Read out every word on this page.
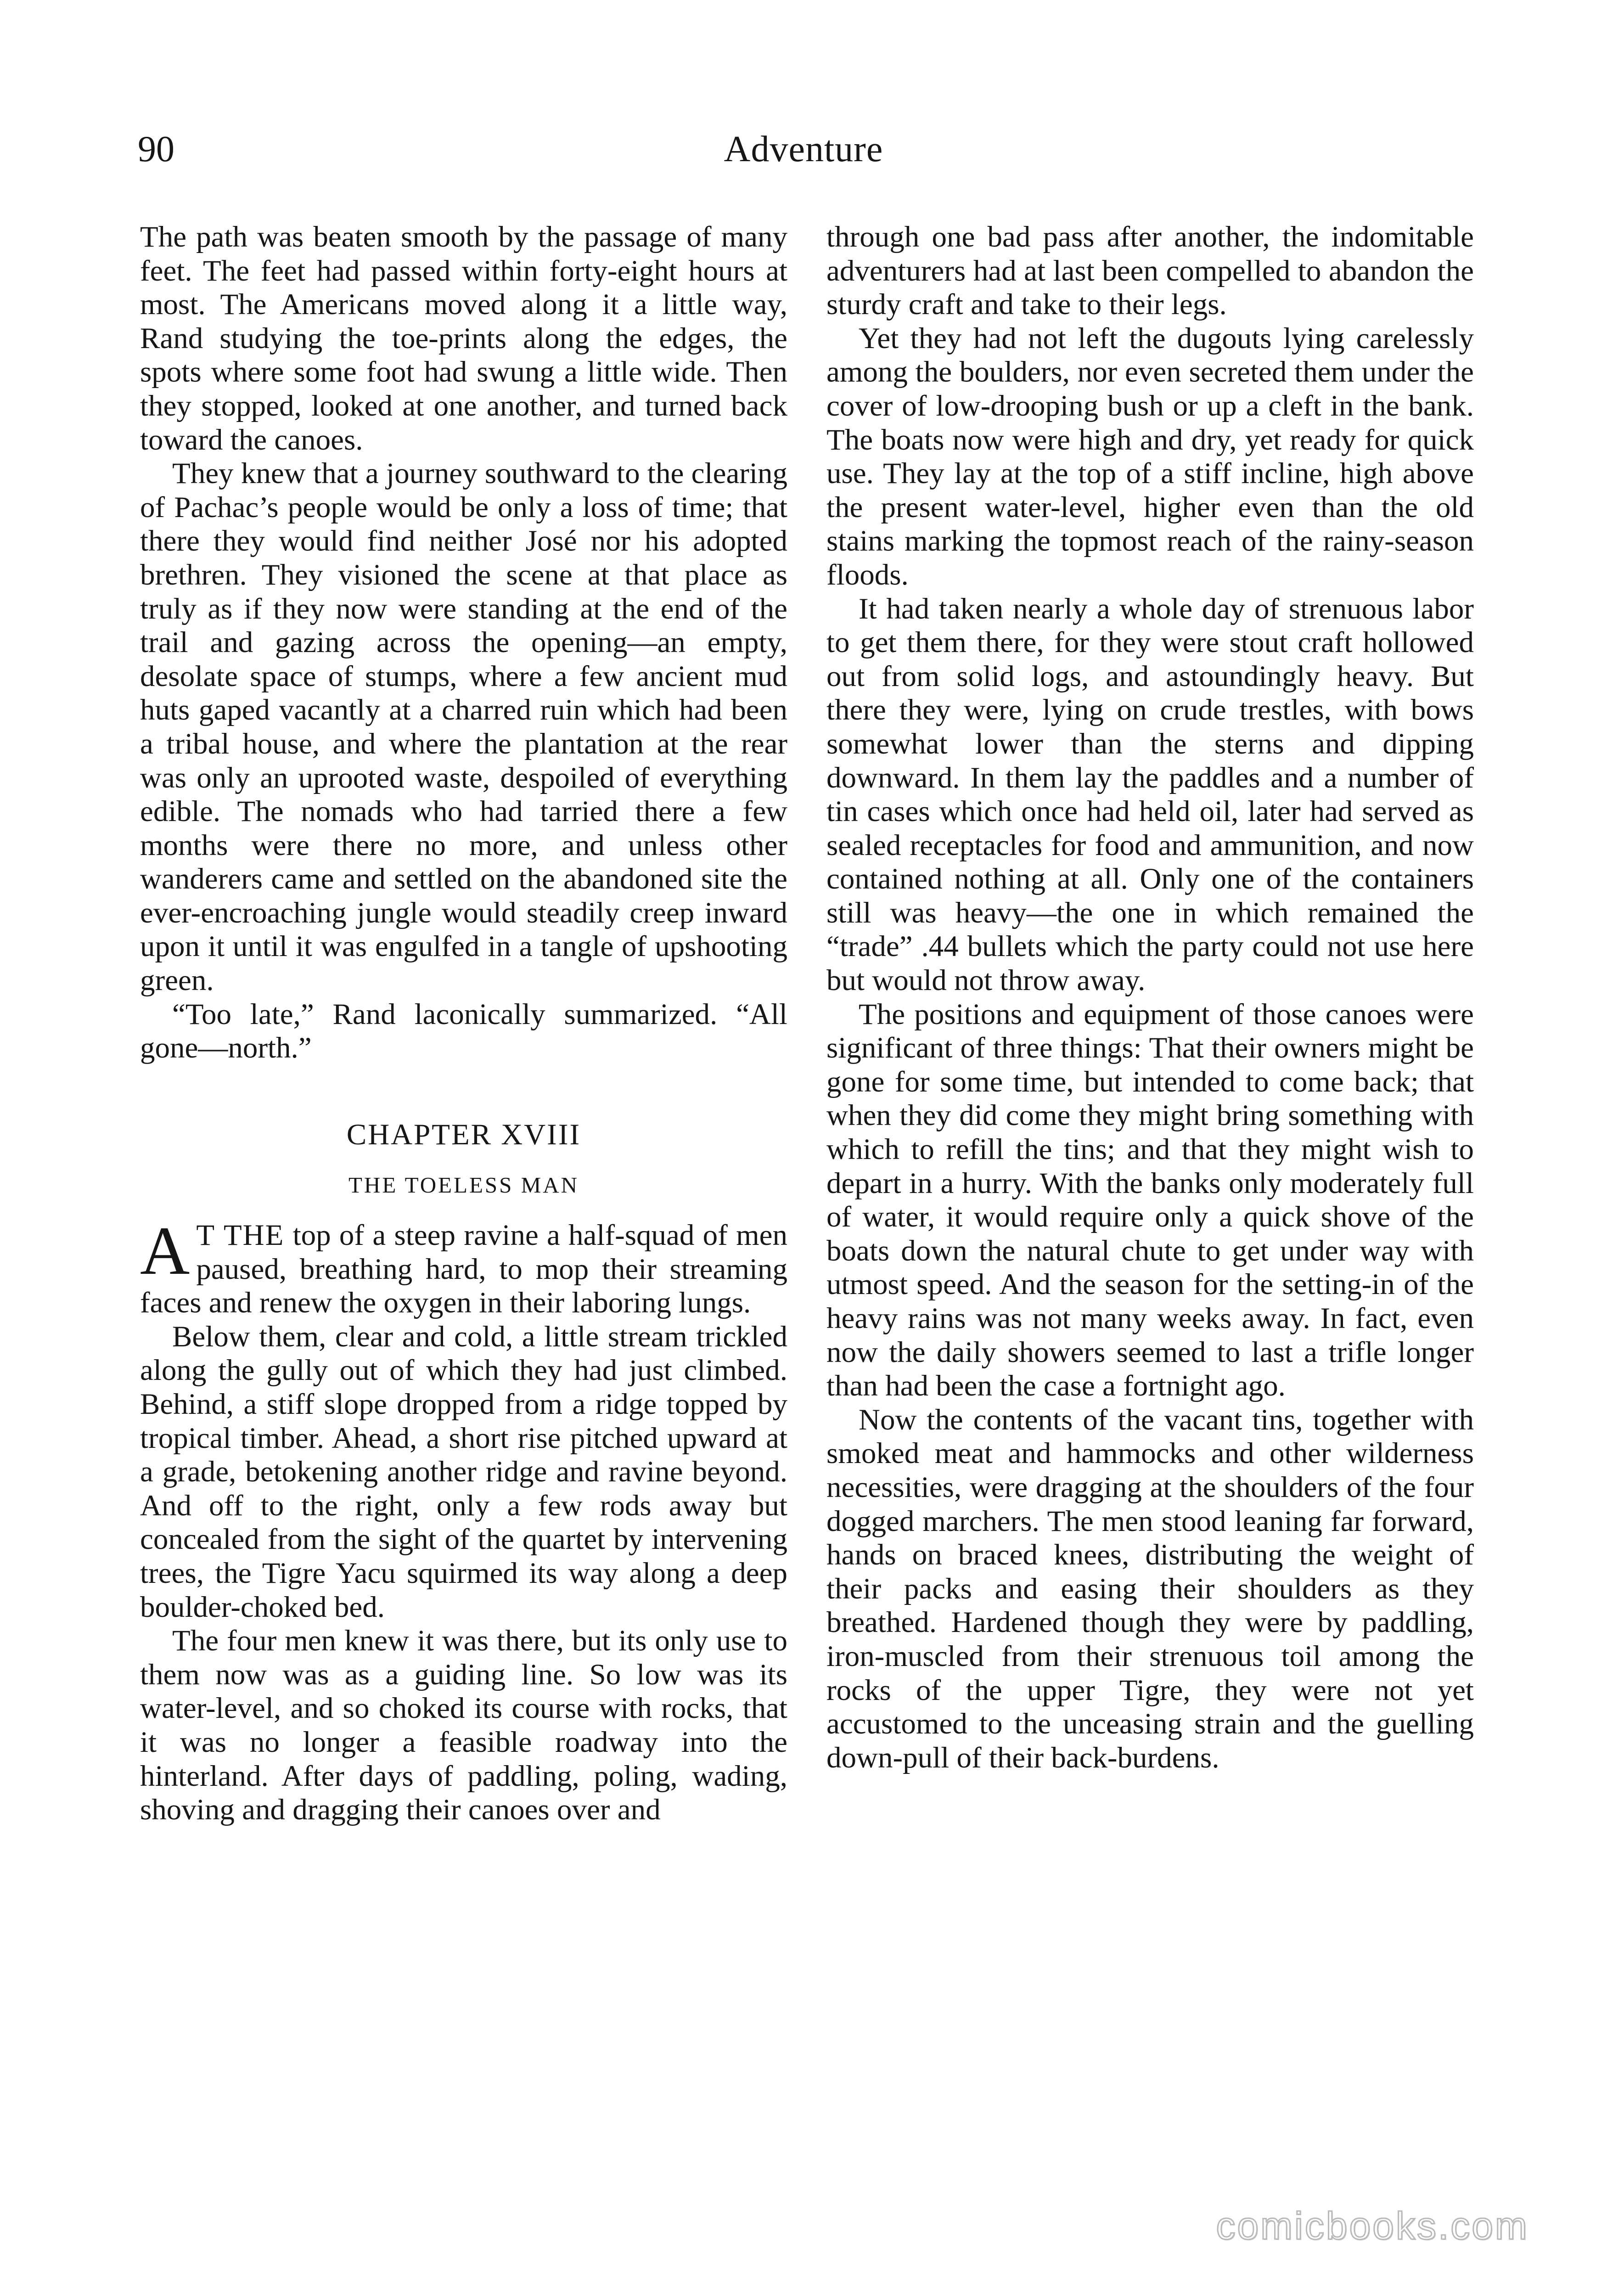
90	Adventure

The path was beaten smooth by the passage of many feet. The feet had passed within forty-eight hours at most. The Americans moved along it a little way, Rand studying the toe-prints along the edges, the spots where some foot had swung a little wide. Then they stopped, looked at one another, and turned back toward the canoes.

They knew that a journey southward to the clearing of Pachac’s people would be only a loss of time; that there they would find neither José nor his adopted brethren. They visioned the scene at that place as truly as if they now were standing at the end of the trail and gazing across the opening—an empty, desolate space of stumps, where a few ancient mud huts gaped vacantly at a charred ruin which had been a tribal house, and where the plantation at the rear was only an uprooted waste, despoiled of everything edible. The nomads who had tarried there a few months were there no more, and unless other wanderers came and settled on the abandoned site the ever-encroaching jungle would steadily creep inward upon it until it was engulfed in a tangle of upshooting green.

“Too late,” Rand laconically summarized. “All gone—north.”

CHAPTER XVIII
THE TOELESS MAN

A T THE top of a steep ravine a half-squad of men paused, breathing hard, to mop their streaming faces and renew the oxygen in their laboring lungs.

Below them, clear and cold, a little stream trickled along the gully out of which they had just climbed. Behind, a stiff slope dropped from a ridge topped by tropical timber. Ahead, a short rise pitched upward at a grade, betokening another ridge and ravine beyond. And off to the right, only a few rods away but concealed from the sight of the quartet by intervening trees, the Tigre Yacu squirmed its way along a deep boulder-choked bed.

The four men knew it was there, but its only use to them now was as a guiding line. So low was its water-level, and so choked its course with rocks, that it was no longer a feasible roadway into the hinterland. After days of paddling, poling, wading, shoving and dragging their canoes over and

through one bad pass after another, the indomitable adventurers had at last been compelled to abandon the sturdy craft and take to their legs.

Yet they had not left the dugouts lying carelessly among the boulders, nor even secreted them under the cover of low-drooping bush or up a cleft in the bank. The boats now were high and dry, yet ready for quick use. They lay at the top of a stiff incline, high above the present water-level, higher even than the old stains marking the topmost reach of the rainy-season floods.

It had taken nearly a whole day of strenuous labor to get them there, for they were stout craft hollowed out from solid logs, and astoundingly heavy. But there they were, lying on crude trestles, with bows somewhat lower than the sterns and dipping downward. In them lay the paddles and a number of tin cases which once had held oil, later had served as sealed receptacles for food and ammunition, and now contained nothing at all. Only one of the containers still was heavy—the one in which remained the “trade” .44 bullets which the party could not use here but would not throw away.

The positions and equipment of those canoes were significant of three things: That their owners might be gone for some time, but intended to come back; that when they did come they might bring something with which to refill the tins; and that they might wish to depart in a hurry. With the banks only moderately full of water, it would require only a quick shove of the boats down the natural chute to get under way with utmost speed. And the season for the setting-in of the heavy rains was not many weeks away. In fact, even now the daily showers seemed to last a trifle longer than had been the case a fortnight ago.

Now the contents of the vacant tins, together with smoked meat and hammocks and other wilderness necessities, were dragging at the shoulders of the four dogged marchers. The men stood leaning far forward, hands on braced knees, distributing the weight of their packs and easing their shoulders as they breathed. Hardened though they were by paddling, iron-muscled from their strenuous toil among the rocks of the upper Tigre, they were not yet accustomed to the unceasing strain and the guelling down-pull of their back-burdens.

comicbooks.com
